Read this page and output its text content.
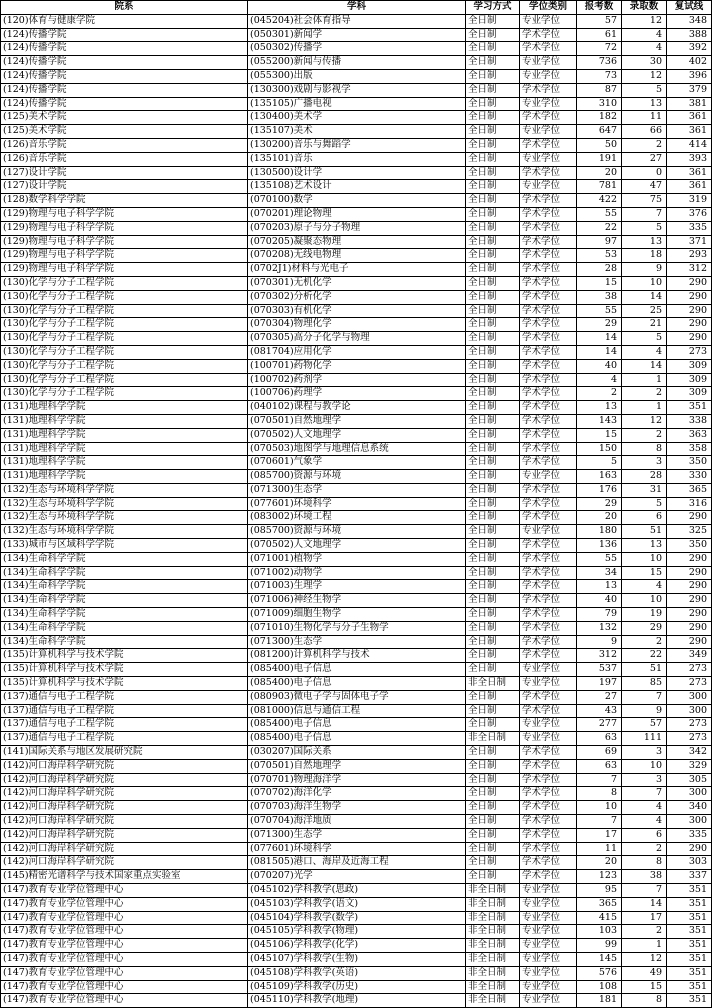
院系	学科	学习方式	学位类别	报考数	录取数	复试线
(120)体育与健康学院	(045204)社会体育指导	全日制	专业学位	57	12	348
(124)传播学院	(050301)新闻学	全日制	学术学位	61	4	388
(124)传播学院	(050302)传播学	全日制	学术学位	72	4	392
(124)传播学院	(055200)新闻与传播	全日制	专业学位	736	30	402
(124)传播学院	(055300)出版	全日制	专业学位	73	12	396
(124)传播学院	(130300)戏剧与影视学	全日制	学术学位	87	5	379
(124)传播学院	(135105)广播电视	全日制	专业学位	310	13	381
(125)美术学院	(130400)美术学	全日制	学术学位	182	11	361
(125)美术学院	(135107)美术	全日制	专业学位	647	66	361
(126)音乐学院	(130200)音乐与舞蹈学	全日制	学术学位	50	2	414
(126)音乐学院	(135101)音乐	全日制	专业学位	191	27	393
(127)设计学院	(130500)设计学	全日制	学术学位	20	0	361
(127)设计学院	(135108)艺术设计	全日制	专业学位	781	47	361
(128)数学科学学院	(070100)数学	全日制	学术学位	422	75	319
(129)物理与电子科学学院	(070201)理论物理	全日制	学术学位	55	7	376
(129)物理与电子科学学院	(070203)原子与分子物理	全日制	学术学位	22	5	335
(129)物理与电子科学学院	(070205)凝聚态物理	全日制	学术学位	97	13	371
(129)物理与电子科学学院	(070208)无线电物理	全日制	学术学位	53	18	293
(129)物理与电子科学学院	(0702J1)材料与光电子	全日制	学术学位	28	9	312
(130)化学与分子工程学院	(070301)无机化学	全日制	学术学位	15	10	290
(130)化学与分子工程学院	(070302)分析化学	全日制	学术学位	38	14	290
(130)化学与分子工程学院	(070303)有机化学	全日制	学术学位	55	25	290
(130)化学与分子工程学院	(070304)物理化学	全日制	学术学位	29	21	290
(130)化学与分子工程学院	(070305)高分子化学与物理	全日制	学术学位	14	5	290
(130)化学与分子工程学院	(081704)应用化学	全日制	学术学位	14	4	273
(130)化学与分子工程学院	(100701)药物化学	全日制	学术学位	40	14	309
(130)化学与分子工程学院	(100702)药剂学	全日制	学术学位	4	1	309
(130)化学与分子工程学院	(100706)药理学	全日制	学术学位	2	2	309
(131)地理科学学院	(040102)课程与教学论	全日制	学术学位	13	1	351
(131)地理科学学院	(070501)自然地理学	全日制	学术学位	143	12	338
(131)地理科学学院	(070502)人文地理学	全日制	学术学位	15	2	363
(131)地理科学学院	(070503)地图学与地理信息系统	全日制	学术学位	150	8	358
(131)地理科学学院	(070601)气象学	全日制	学术学位	5	3	350
(131)地理科学学院	(085700)资源与环境	全日制	专业学位	163	28	330
(132)生态与环境科学学院	(071300)生态学	全日制	学术学位	176	31	365
(132)生态与环境科学学院	(077601)环境科学	全日制	学术学位	29	5	316
(132)生态与环境科学学院	(083002)环境工程	全日制	学术学位	20	6	290
(132)生态与环境科学学院	(085700)资源与环境	全日制	专业学位	180	51	325
(133)城市与区域科学学院	(070502)人文地理学	全日制	学术学位	136	13	350
(134)生命科学学院	(071001)植物学	全日制	学术学位	55	10	290
(134)生命科学学院	(071002)动物学	全日制	学术学位	34	15	290
(134)生命科学学院	(071003)生理学	全日制	学术学位	13	4	290
(134)生命科学学院	(071006)神经生物学	全日制	学术学位	40	10	290
(134)生命科学学院	(071009)细胞生物学	全日制	学术学位	79	19	290
(134)生命科学学院	(071010)生物化学与分子生物学	全日制	学术学位	132	29	290
(134)生命科学学院	(071300)生态学	全日制	学术学位	9	2	290
(135)计算机科学与技术学院	(081200)计算机科学与技术	全日制	学术学位	312	22	349
(135)计算机科学与技术学院	(085400)电子信息	全日制	专业学位	537	51	273
(135)计算机科学与技术学院	(085400)电子信息	非全日制	专业学位	197	85	273
(137)通信与电子工程学院	(080903)微电子学与固体电子学	全日制	学术学位	27	7	300
(137)通信与电子工程学院	(081000)信息与通信工程	全日制	学术学位	43	9	300
(137)通信与电子工程学院	(085400)电子信息	全日制	专业学位	277	57	273
(137)通信与电子工程学院	(085400)电子信息	非全日制	专业学位	63	111	273
(141)国际关系与地区发展研究院	(030207)国际关系	全日制	学术学位	69	3	342
(142)河口海岸科学研究院	(070501)自然地理学	全日制	学术学位	63	10	329
(142)河口海岸科学研究院	(070701)物理海洋学	全日制	学术学位	7	3	305
(142)河口海岸科学研究院	(070702)海洋化学	全日制	学术学位	8	7	300
(142)河口海岸科学研究院	(070703)海洋生物学	全日制	学术学位	10	4	340
(142)河口海岸科学研究院	(070704)海洋地质	全日制	学术学位	7	4	300
(142)河口海岸科学研究院	(071300)生态学	全日制	学术学位	17	6	335
(142)河口海岸科学研究院	(077601)环境科学	全日制	学术学位	11	2	290
(142)河口海岸科学研究院	(081505)港口、海岸及近海工程	全日制	学术学位	20	8	303
(145)精密光谱科学与技术国家重点实验室	(070207)光学	全日制	学术学位	123	38	337
(147)教育专业学位管理中心	(045102)学科教学(思政)	非全日制	专业学位	95	7	351
(147)教育专业学位管理中心	(045103)学科教学(语文)	非全日制	专业学位	365	14	351
(147)教育专业学位管理中心	(045104)学科教学(数学)	非全日制	专业学位	415	17	351
(147)教育专业学位管理中心	(045105)学科教学(物理)	非全日制	专业学位	103	2	351
(147)教育专业学位管理中心	(045106)学科教学(化学)	非全日制	专业学位	99	1	351
(147)教育专业学位管理中心	(045107)学科教学(生物)	非全日制	专业学位	145	12	351
(147)教育专业学位管理中心	(045108)学科教学(英语)	非全日制	专业学位	576	49	351
(147)教育专业学位管理中心	(045109)学科教学(历史)	非全日制	专业学位	108	15	351
(147)教育专业学位管理中心	(045110)学科教学(地理)	非全日制	专业学位	181	8	351
